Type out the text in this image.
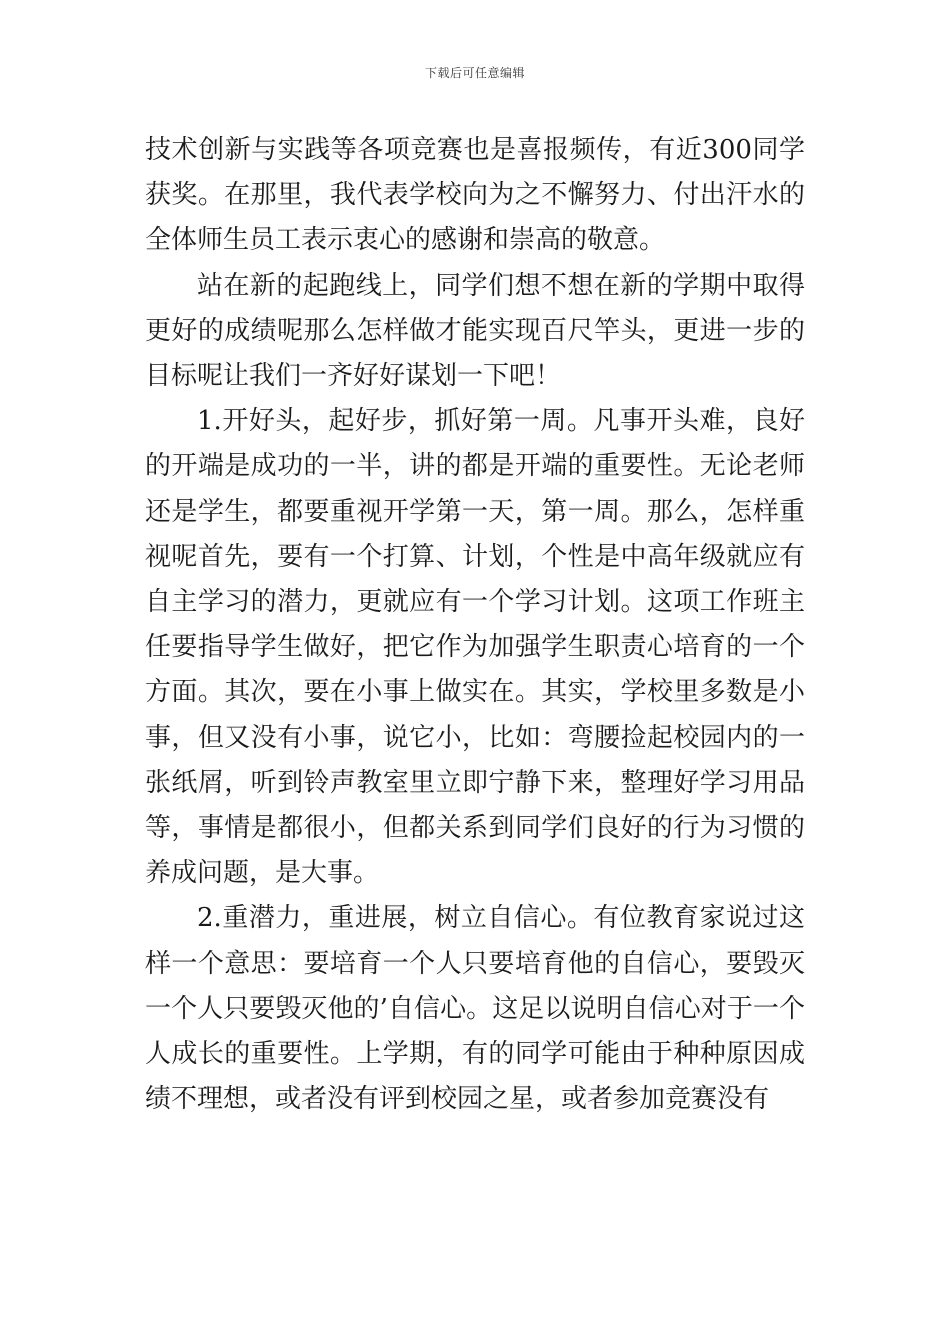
下载后可任意编辑

技术创新与实践等各项竞赛也是喜报频传，有近300同学获奖。在那里，我代表学校向为之不懈努力、付出汗水的全体师生员工表示衷心的感谢和崇高的敬意。

站在新的起跑线上，同学们想不想在新的学期中取得更好的成绩呢那么怎样做才能实现百尺竿头，更进一步的目标呢让我们一齐好好谋划一下吧！

1.开好头，起好步，抓好第一周。凡事开头难，良好的开端是成功的一半，讲的都是开端的重要性。无论老师还是学生，都要重视开学第一天，第一周。那么，怎样重视呢首先，要有一个打算、计划，个性是中高年级就应有自主学习的潜力，更就应有一个学习计划。这项工作班主任要指导学生做好，把它作为加强学生职责心培育的一个方面。其次，要在小事上做实在。其实，学校里多数是小事，但又没有小事，说它小，比如：弯腰捡起校园内的一张纸屑，听到铃声教室里立即宁静下来，整理好学习用品等，事情是都很小，但都关系到同学们良好的行为习惯的养成问题，是大事。

2.重潜力，重进展，树立自信心。有位教育家说过这样一个意思：要培育一个人只要培育他的自信心，要毁灭一个人只要毁灭他的’自信心。这足以说明自信心对于一个人成长的重要性。上学期，有的同学可能由于种种原因成绩不理想，或者没有评到校园之星，或者参加竞赛没有
